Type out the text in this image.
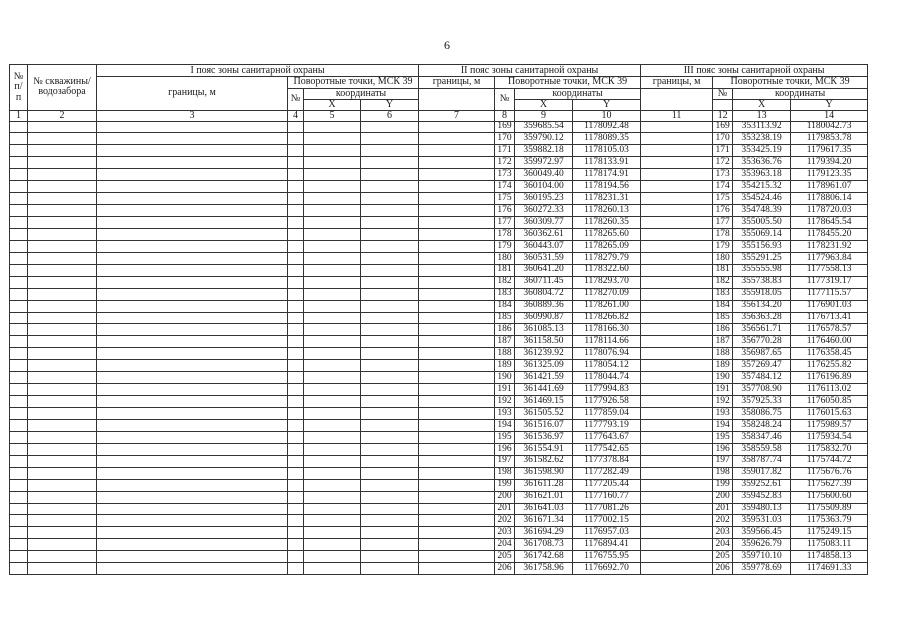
6
№ п/п	№ скважины/ водозабора	I пояс зоны санитарной охраны				II пояс зоны санитарной охраны				III пояс зоны санитарной охраны			
		границы, м	Поворотные точки, МСК 39			границы, м	Поворотные точки, МСК 39			границы, м	Поворотные точки, МСК 39		

			№	координаты			№	координаты			№	координаты	
				X	Y			X	Y			X	Y
1	2	3	4	5	6	7	8	9	10	11	12	13	14
							169	359685.54	1178092.48		169	353113.92	1180042.73
							170	359790.12	1178089.35		170	353238.19	1179853.78
							171	359882.18	1178105.03		171	353425.19	1179617.35
							172	359972.97	1178133.91		172	353636.76	1179394.20
							173	360049.40	1178174.91		173	353963.18	1179123.35
							174	360104.00	1178194.56		174	354215.32	1178961.07
							175	360195.23	1178231.31		175	354524.46	1178806.14
							176	360272.33	1178260.13		176	354748.39	1178720.03
							177	360309.77	1178260.35		177	355005.50	1178645.54
							178	360362.61	1178265.60		178	355069.14	1178455.20
							179	360443.07	1178265.09		179	355156.93	1178231.92
							180	360531.59	1178279.79		180	355291.25	1177963.84
							181	360641.20	1178322.60		181	355555.98	1177558.13
							182	360711.45	1178293.70		182	355738.83	1177319.17
							183	360804.72	1178270.09		183	355918.05	1177115.57
							184	360889.36	1178261.00		184	356134.20	1176901.03
							185	360990.87	1178266.82		185	356363.28	1176713.41
							186	361085.13	1178166.30		186	356561.71	1176578.57
							187	361158.50	1178114.66		187	356770.28	1176460.00
							188	361239.92	1178076.94		188	356987.65	1176358.45
							189	361325.09	1178054.12		189	357269.47	1176255.82
							190	361421.59	1178044.74		190	357484.12	1176196.89
							191	361441.69	1177994.83		191	357708.90	1176113.02
							192	361469.15	1177926.58		192	357925.33	1176050.85
							193	361505.52	1177859.04		193	358086.75	1176015.63
							194	361516.07	1177793.19		194	358248.24	1175989.57
							195	361536.97	1177643.67		195	358347.46	1175934.54
							196	361554.91	1177542.65		196	358559.58	1175832.70
							197	361582.62	1177378.84		197	358787.74	1175744.72
							198	361598.90	1177282.49		198	359017.82	1175676.76
							199	361611.28	1177205.44		199	359252.61	1175627.39
							200	361621.01	1177160.77		200	359452.83	1175600.60
							201	361641.03	1177081.26		201	359480.13	1175509.89
							202	361671.34	1177002.15		202	359531.03	1175363.79
							203	361694.29	1176957.03		203	359566.45	1175249.15
							204	361708.73	1176894.41		204	359626.79	1175083.11
							205	361742.68	1176755.95		205	359710.10	1174858.13
							206	361758.96	1176692.70		206	359778.69	1174691.33
